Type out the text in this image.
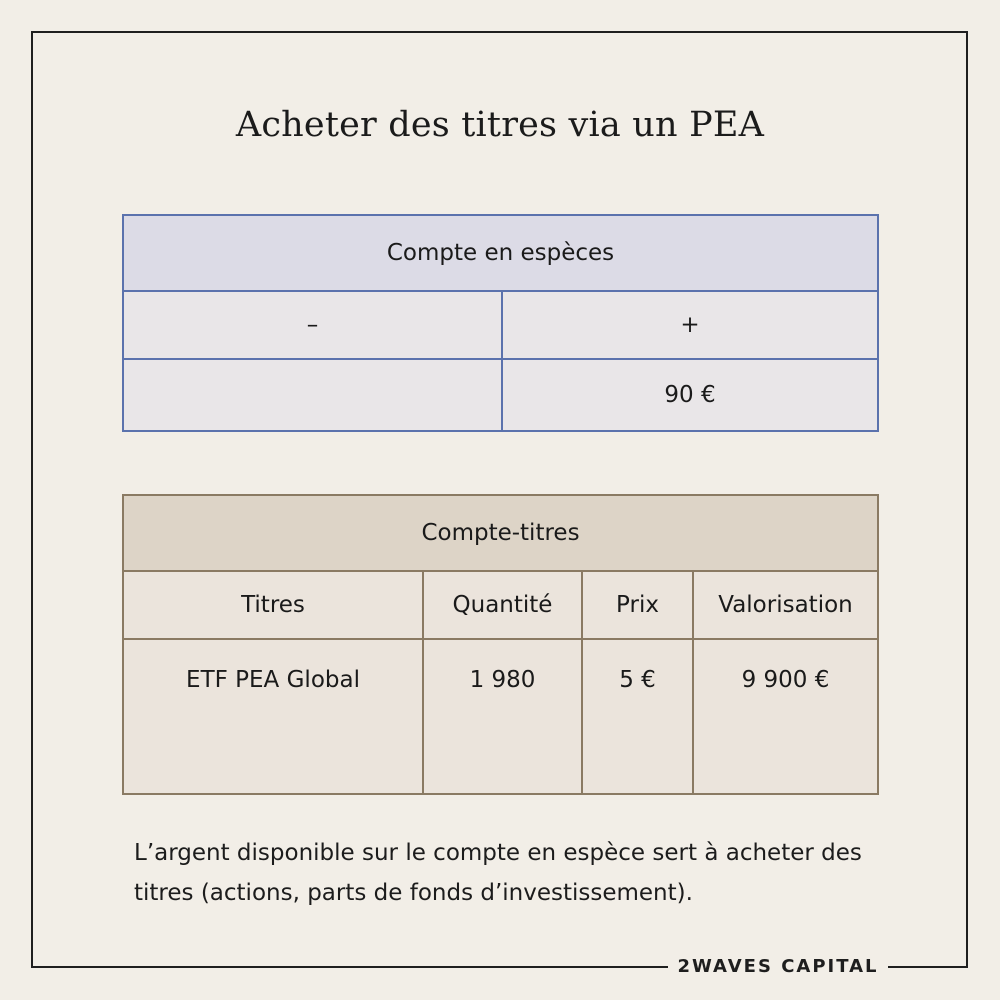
Acheter des titres via un PEA
Compte en espèces	
–	+
	90 €
Compte-titres			
Titres	Quantité	Prix	Valorisation
ETF PEA Global	1 980	5 €	9 900 €
L’argent disponible sur le compte en espèce sert à acheter des titres (actions, parts de fonds d’investissement).
2WAVES CAPITAL
